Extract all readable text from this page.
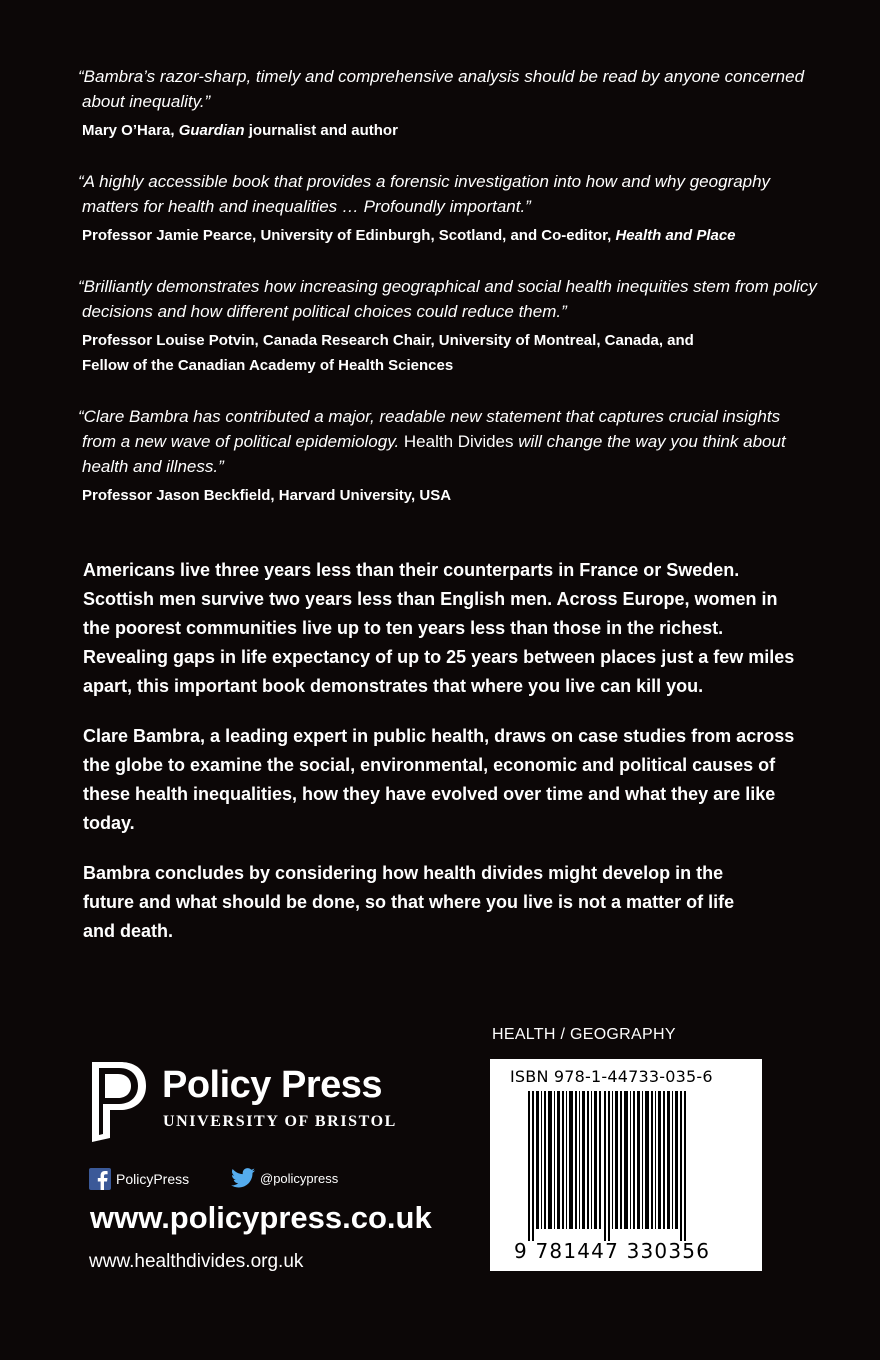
“Bambra’s razor-sharp, timely and comprehensive analysis should be read by anyone concerned about inequality.”

Mary O’Hara, Guardian journalist and author

“A highly accessible book that provides a forensic investigation into how and why geography matters for health and inequalities … Profoundly important.”

Professor Jamie Pearce, University of Edinburgh, Scotland, and Co-editor, Health and Place

“Brilliantly demonstrates how increasing geographical and social health inequities stem from policy decisions and how different political choices could reduce them.”

Professor Louise Potvin, Canada Research Chair, University of Montreal, Canada, and Fellow of the Canadian Academy of Health Sciences

“Clare Bambra has contributed a major, readable new statement that captures crucial insights from a new wave of political epidemiology. Health Divides will change the way you think about health and illness.”

Professor Jason Beckfield, Harvard University, USA

Americans live three years less than their counterparts in France or Sweden. Scottish men survive two years less than English men. Across Europe, women in the poorest communities live up to ten years less than those in the richest. Revealing gaps in life expectancy of up to 25 years between places just a few miles apart, this important book demonstrates that where you live can kill you.

Clare Bambra, a leading expert in public health, draws on case studies from across the globe to examine the social, environmental, economic and political causes of these health inequalities, how they have evolved over time and what they are like today.

Bambra concludes by considering how health divides might develop in the future and what should be done, so that where you live is not a matter of life and death.

HEALTH / GEOGRAPHY
ISBN 978-1-44733-035-6
9 781447 330356
Policy Press
UNIVERSITY OF BRISTOL
PolicyPress	@policypress
www.policypress.co.uk
www.healthdivides.org.uk
